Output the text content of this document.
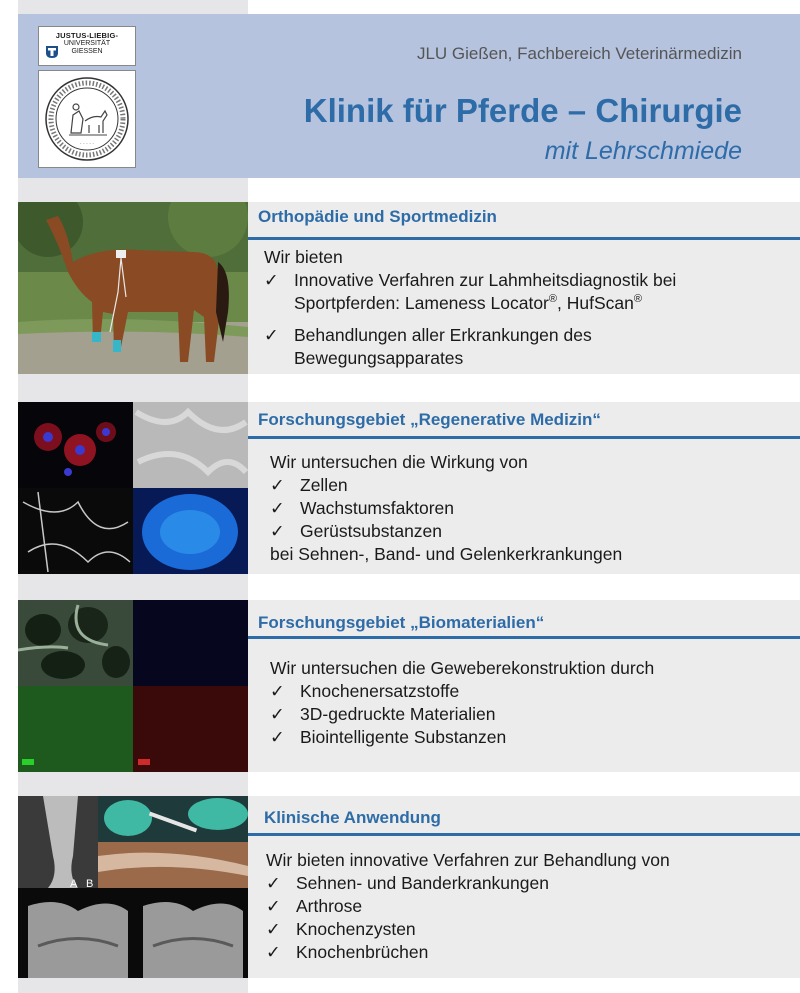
JUSTUS-LIEBIG-
UNIVERSITÄT
GIESSEN
· · · · ·
JLU Gießen, Fachbereich Veterinärmedizin
Klinik für Pferde – Chirurgie
mit Lehrschmiede
Orthopädie und Sportmedizin
Wir bieten
✓ Innovative Verfahren zur Lahmheitsdiagnostik bei
Sportpferden: Lameness Locator®, HufScan®
✓ Behandlungen aller Erkrankungen des
Bewegungsapparates
Forschungsgebiet „Regenerative Medizin“
Wir untersuchen die Wirkung von
✓ Zellen
✓ Wachstumsfaktoren
✓ Gerüstsubstanzen
bei Sehnen-, Band- und Gelenkerkrankungen
Forschungsgebiet „Biomaterialien“
Wir untersuchen die Geweberekonstruktion durch
✓ Knochenersatzstoffe
✓ 3D-gedruckte Materialien
✓ Biointelligente Substanzen
A B
Klinische Anwendung
Wir bieten innovative Verfahren zur Behandlung von
✓ Sehnen- und Banderkrankungen
✓ Arthrose
✓ Knochenzysten
✓ Knochenbrüchen
